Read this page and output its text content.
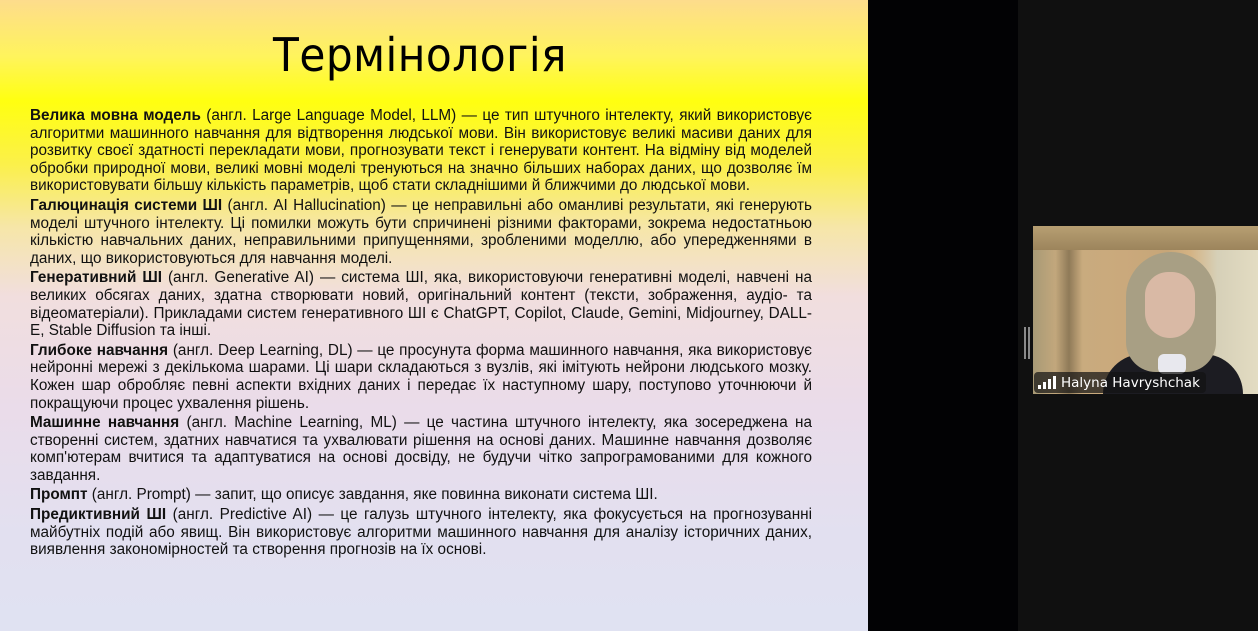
Термінологія

Велика мовна модель (англ. Large Language Model, LLM) — це тип штучного інтелекту, який використовує алгоритми машинного навчання для відтворення людської мови. Він використовує великі масиви даних для розвитку своєї здатності перекладати мови, прогнозувати текст і генерувати контент. На відміну від моделей обробки природної мови, великі мовні моделі тренуються на значно більших наборах даних, що дозволяє їм використовувати більшу кількість параметрів, щоб стати складнішими й ближчими до людської мови.

Галюцинація системи ШІ (англ. AI Hallucination) — це неправильні або оманливі результати, які генерують моделі штучного інтелекту. Ці помилки можуть бути спричинені різними факторами, зокрема недостатньою кількістю навчальних даних, неправильними припущеннями, зробленими моделлю, або упередженнями в даних, що використовуються для навчання моделі.

Генеративний ШІ (англ. Generative AI) — система ШІ, яка, використовуючи генеративні моделі, навчені на великих обсягах даних, здатна створювати новий, оригінальний контент (тексти, зображення, аудіо- та відеоматеріали). Прикладами систем генеративного ШІ є ChatGPT, Copilot, Claude, Gemini, Midjourney, DALL-E, Stable Diffusion та інші.

Глибоке навчання (англ. Deep Learning, DL) — це просунута форма машинного навчання, яка використовує нейронні мережі з декількома шарами. Ці шари складаються з вузлів, які імітують нейрони людського мозку. Кожен шар обробляє певні аспекти вхідних даних і передає їх наступному шару, поступово уточнюючи й покращуючи процес ухвалення рішень.

Машинне навчання (англ. Machine Learning, ML) — це частина штучного інтелекту, яка зосереджена на створенні систем, здатних навчатися та ухвалювати рішення на основі даних. Машинне навчання дозволяє комп'ютерам вчитися та адаптуватися на основі досвіду, не будучи чітко запрограмованими для кожного завдання.

Промпт (англ. Prompt) — запит, що описує завдання, яке повинна виконати система ШІ.

Предиктивний ШІ (англ. Predictive AI) — це галузь штучного інтелекту, яка фокусується на прогнозуванні майбутніх подій або явищ. Він використовує алгоритми машинного навчання для аналізу історичних даних, виявлення закономірностей та створення прогнозів на їх основі.

Halyna Havryshchak
